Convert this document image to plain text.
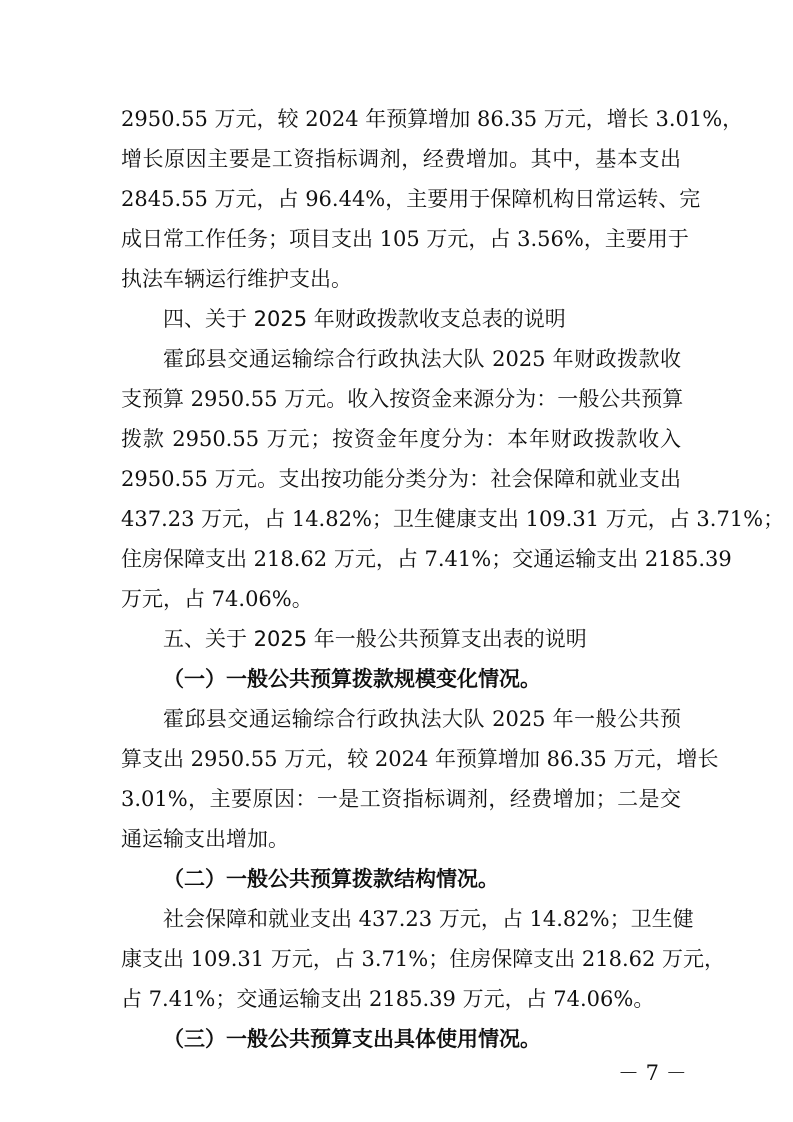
2950.55 万元，较 2024 年预算增加 86.35 万元，增长 3.01%，
增长原因主要是工资指标调剂，经费增加。其中，基本支出
2845.55 万元，占 96.44%，主要用于保障机构日常运转、完
成日常工作任务；项目支出 105 万元，占 3.56%，主要用于
执法车辆运行维护支出。
四、关于 2025 年财政拨款收支总表的说明
霍邱县交通运输综合行政执法大队 2025 年财政拨款收
支预算 2950.55 万元。收入按资金来源分为：一般公共预算
拨款 2950.55 万元；按资金年度分为：本年财政拨款收入
2950.55 万元。支出按功能分类分为：社会保障和就业支出
437.23 万元，占 14.82%；卫生健康支出 109.31 万元，占 3.71%；
住房保障支出 218.62 万元，占 7.41%；交通运输支出 2185.39
万元，占 74.06%。
五、关于 2025 年一般公共预算支出表的说明
（一）一般公共预算拨款规模变化情况。
霍邱县交通运输综合行政执法大队 2025 年一般公共预
算支出 2950.55 万元，较 2024 年预算增加 86.35 万元，增长
3.01%，主要原因：一是工资指标调剂，经费增加；二是交
通运输支出增加。
（二）一般公共预算拨款结构情况。
社会保障和就业支出 437.23 万元，占 14.82%；卫生健
康支出 109.31 万元，占 3.71%；住房保障支出 218.62 万元，
占 7.41%；交通运输支出 2185.39 万元，占 74.06%。
（三）一般公共预算支出具体使用情况。
－ 7 －
